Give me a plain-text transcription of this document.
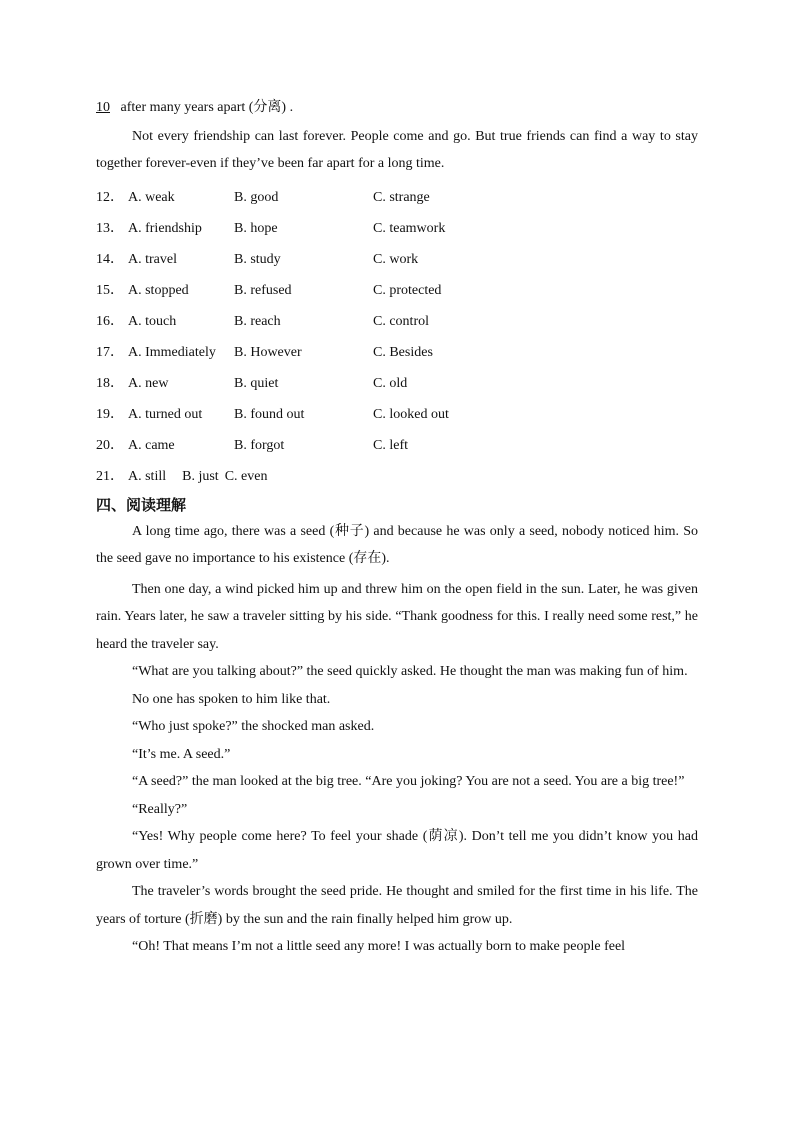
10   after many years apart (分离) .

Not every friendship can last forever. People come and go. But true friends can find a way to stay together forever-even if they’ve been far apart for a long time.

12． A. weak	B. good	C. strange
13． A. friendship	B. hope	C. teamwork
14． A. travel	B. study	C. work
15． A. stopped	B. refused	C. protected
16． A. touch	B. reach	C. control
17． A. Immediately	B. However	C. Besides
18． A. new	B. quiet	C. old
19． A. turned out	B. found out	C. looked out
20． A. came	B. forgot	C. left
21． A. still B. just C. even
四、阅读理解

A long time ago, there was a seed (种子) and because he was only a seed, nobody noticed him. So the seed gave no importance to his existence (存在).

Then one day, a wind picked him up and threw him on the open field in the sun. Later, he was given rain. Years later, he saw a traveler sitting by his side. “Thank goodness for this. I really need some rest,” he heard the traveler say.

“What are you talking about?” the seed quickly asked. He thought the man was making fun of him.

No one has spoken to him like that.

“Who just spoke?” the shocked man asked.

“It’s me. A seed.”

“A seed?” the man looked at the big tree. “Are you joking? You are not a seed. You are a big tree!”

“Really?”

“Yes! Why people come here? To feel your shade (荫凉). Don’t tell me you didn’t know you had grown over time.”

The traveler’s words brought the seed pride. He thought and smiled for the first time in his life. The years of torture (折磨) by the sun and the rain finally helped him grow up.

“Oh! That means I’m not a little seed any more! I was actually born to make people feel
